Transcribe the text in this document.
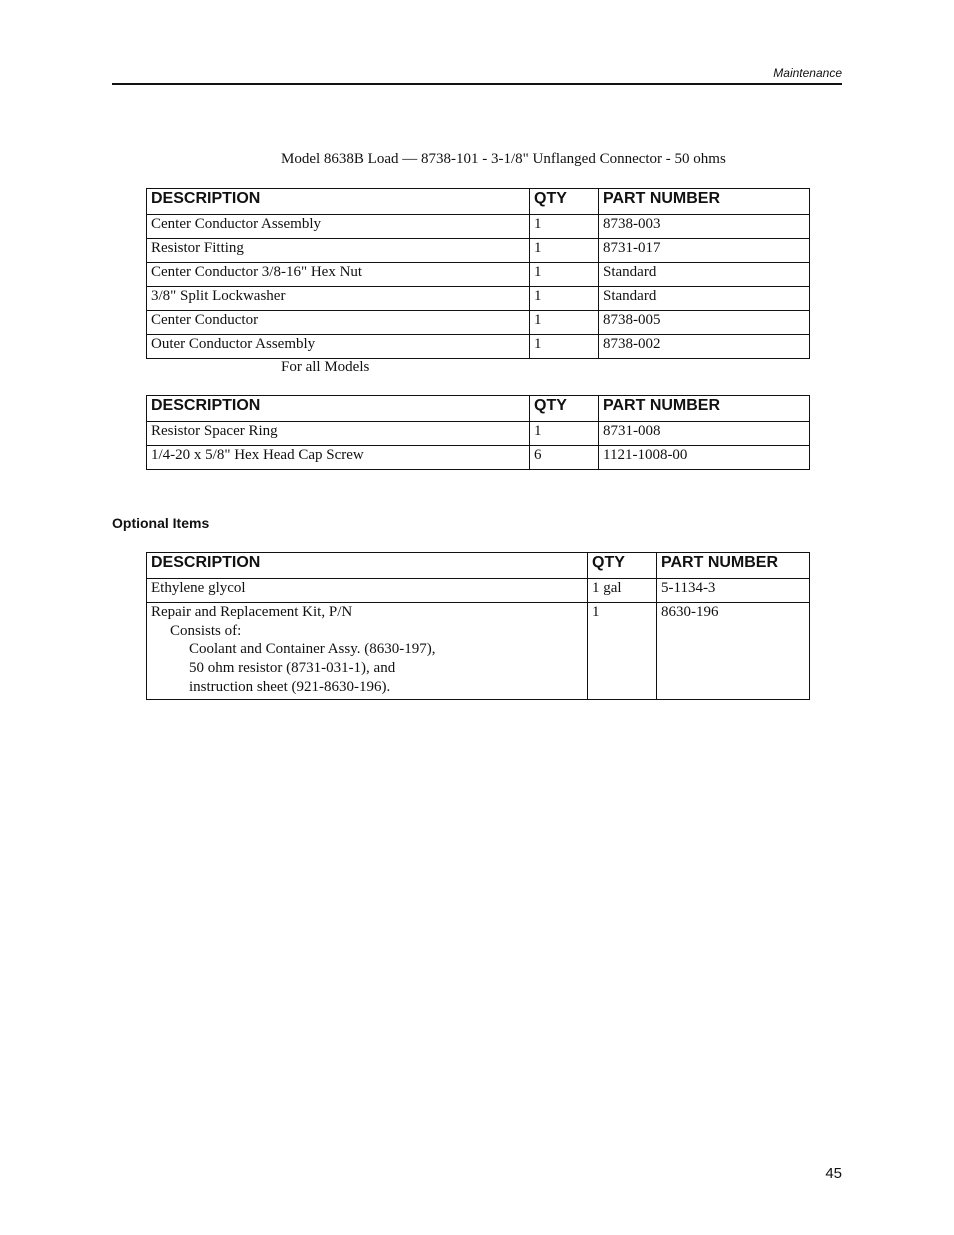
Maintenance
Model 8638B Load — 8738-101 - 3-1/8" Unflanged Connector - 50 ohms
DESCRIPTION	QTY	PART NUMBER
Center Conductor Assembly	1	8738-003
Resistor Fitting	1	8731-017
Center Conductor 3/8-16" Hex Nut	1	Standard
3/8" Split Lockwasher	1	Standard
Center Conductor	1	8738-005
Outer Conductor Assembly	1	8738-002
For all Models
DESCRIPTION	QTY	PART NUMBER
Resistor Spacer Ring	1	8731-008
1/4-20 x 5/8" Hex Head Cap Screw	6	1121-1008-00
Optional Items
DESCRIPTION	QTY	PART NUMBER
Ethylene glycol	1 gal	5-1134-3

Repair and Replacement Kit, P/N
Consists of:
Coolant and Container Assy. (8630-197),
50 ohm resistor (8731-031-1), and
instruction sheet (921-8630-196).	1	8630-196
45
